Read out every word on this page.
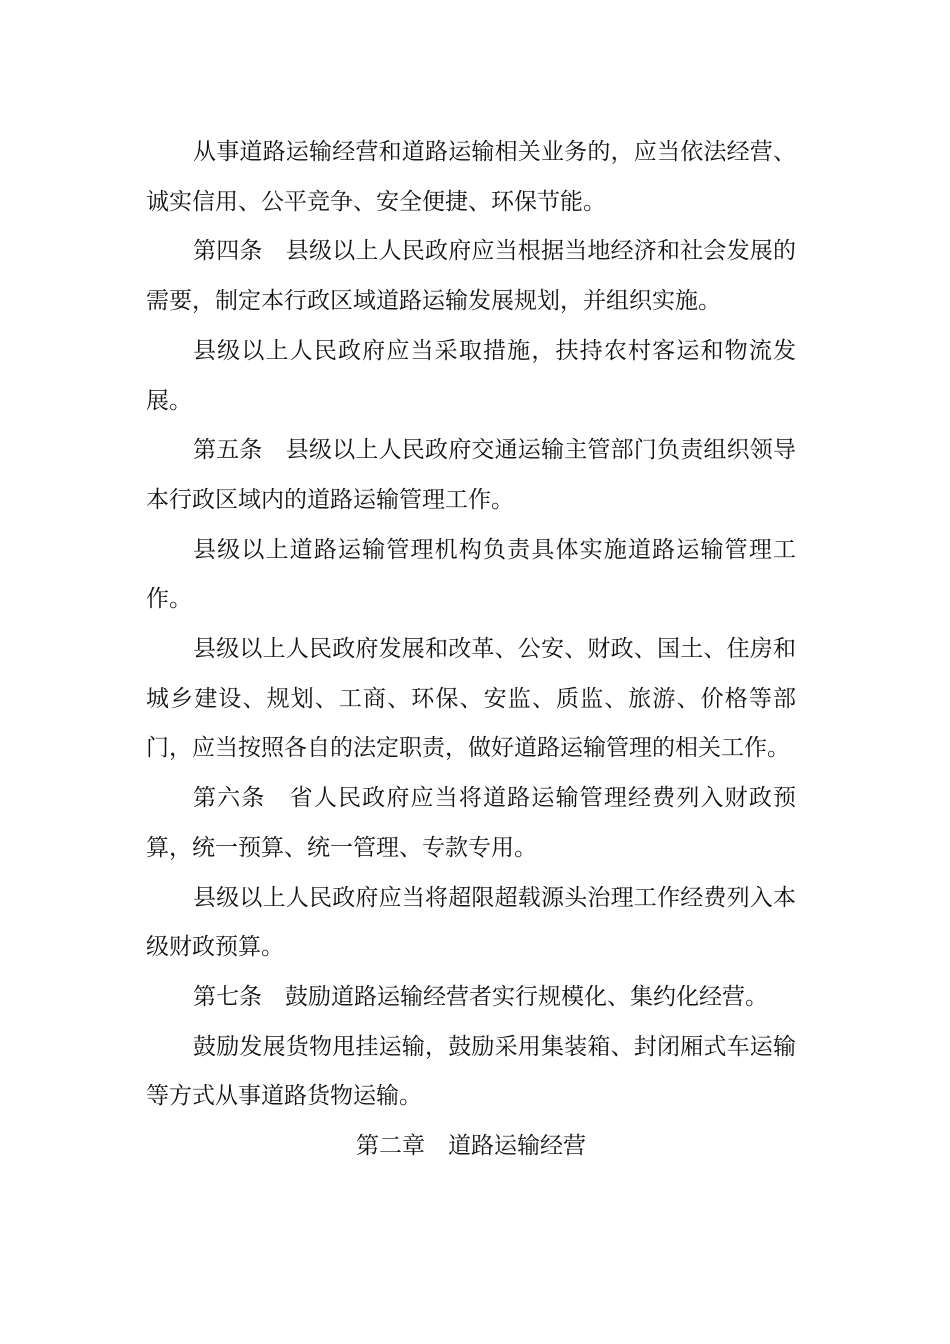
从事道路运输经营和道路运输相关业务的，应当依法经营、诚实信用、公平竞争、安全便捷、环保节能。

第四条　县级以上人民政府应当根据当地经济和社会发展的需要，制定本行政区域道路运输发展规划，并组织实施。

县级以上人民政府应当采取措施，扶持农村客运和物流发展。

第五条　县级以上人民政府交通运输主管部门负责组织领导本行政区域内的道路运输管理工作。

县级以上道路运输管理机构负责具体实施道路运输管理工作。

县级以上人民政府发展和改革、公安、财政、国土、住房和城乡建设、规划、工商、环保、安监、质监、旅游、价格等部门，应当按照各自的法定职责，做好道路运输管理的相关工作。

第六条　省人民政府应当将道路运输管理经费列入财政预算，统一预算、统一管理、专款专用。

县级以上人民政府应当将超限超载源头治理工作经费列入本级财政预算。

第七条　鼓励道路运输经营者实行规模化、集约化经营。

鼓励发展货物甩挂运输，鼓励采用集装箱、封闭厢式车运输等方式从事道路货物运输。

第二章　道路运输经营
